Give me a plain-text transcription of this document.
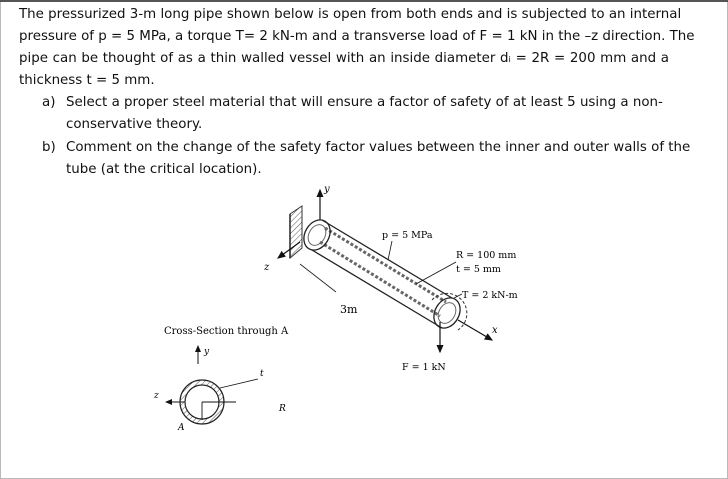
The pressurized 3-m long pipe shown below is open from both ends and is subjected to an internal
pressure of p = 5 MPa, a torque T= 2 kN-m and a transverse load of F = 1 kN in the –z direction. The
pipe can be thought of as a thin walled vessel with an inside diameter dᵢ = 2R = 200 mm and a
thickness t = 5 mm.
a) Select a proper steel material that will ensure a factor of safety of at least 5 using a non-
conservative theory.
b) Comment on the change of the safety factor values between the inner and outer walls of the
tube (at the critical location).
y
z
x
p = 5 MPa
R = 100 mm
t = 5 mm
T = 2 kN-m
3m
F = 1 kN
Cross-Section through A
y
z
t
R
A
